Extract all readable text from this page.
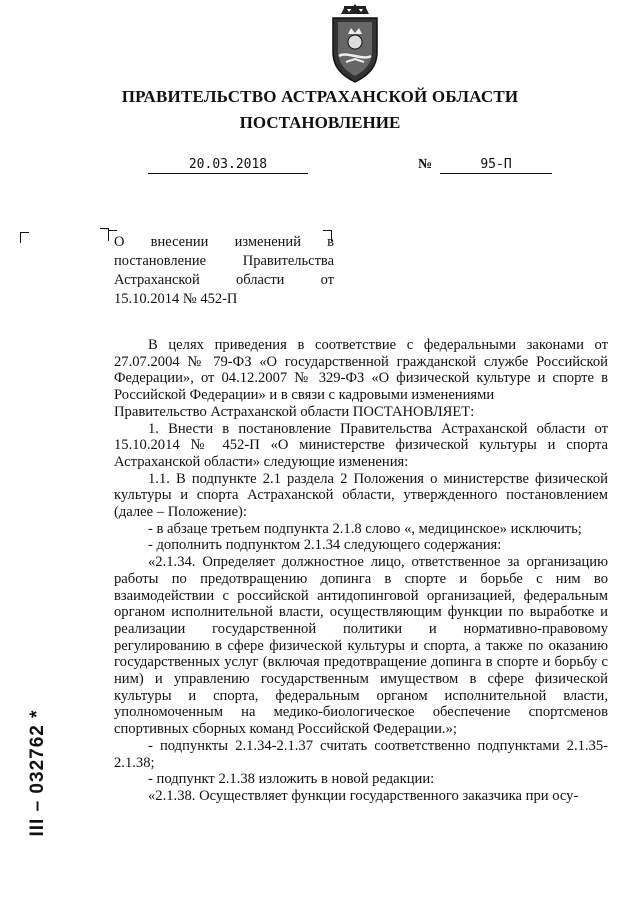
ПРАВИТЕЛЬСТВО АСТРАХАНСКОЙ ОБЛАСТИ
ПОСТАНОВЛЕНИЕ
20.03.2018	№	95-П
О внесении изменений в постановление Правительства Астраханской области от 15.10.2014 № 452-П

В целях приведения в соответствие с федеральными законами от 27.07.2004 № 79-ФЗ «О государственной гражданской службе Российской Федерации», от 04.12.2007 № 329-ФЗ «О физической культуре и спорте в Российской Федерации» и в связи с кадровыми изменениями

Правительство Астраханской области ПОСТАНОВЛЯЕТ:

1. Внести в постановление Правительства Астраханской области от 15.10.2014 № 452-П «О министерстве физической культуры и спорта Астраханской области» следующие изменения:

1.1. В подпункте 2.1 раздела 2 Положения о министерстве физической культуры и спорта Астраханской области, утвержденного постановлением (далее – Положение):

- в абзаце третьем подпункта 2.1.8 слово «, медицинское» исключить;

- дополнить подпунктом 2.1.34 следующего содержания:

«2.1.34. Определяет должностное лицо, ответственное за организацию работы по предотвращению допинга в спорте и борьбе с ним во взаимодействии с российской антидопинговой организацией, федеральным органом исполнительной власти, осуществляющим функции по выработке и реализации государственной политики и нормативно-правовому регулированию в сфере физической культуры и спорта, а также по оказанию государственных услуг (включая предотвращение допинга в спорте и борьбу с ним) и управлению государственным имуществом в сфере физической культуры и спорта, федеральным органом исполнительной власти, уполномоченным на медико-биологическое обеспечение спортсменов спортивных сборных команд Российской Федерации.»;

- подпункты 2.1.34-2.1.37 считать соответственно подпунктами 2.1.35-2.1.38;

- подпункт 2.1.38 изложить в новой редакции:

«2.1.38. Осуществляет функции государственного заказчика при осу-

III – 032762 *
